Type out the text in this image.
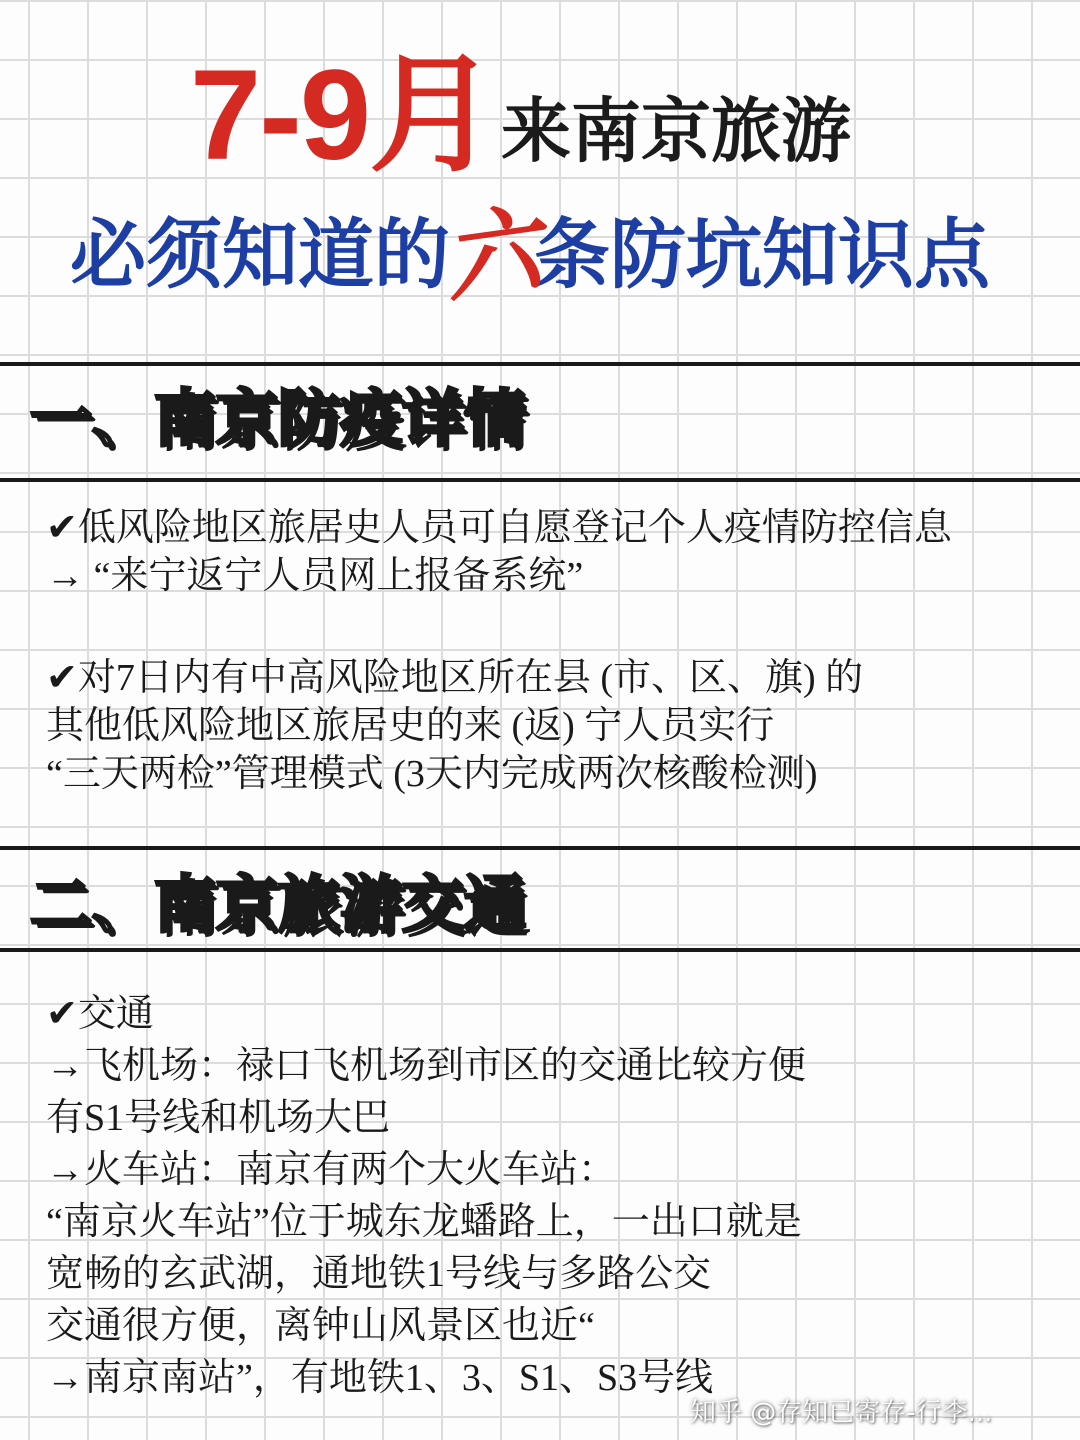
7-9月 来南京旅游
必须知道的
六
条防坑知识点
一、南京防疫详情
✔低风险地区旅居史人员可自愿登记个人疫情防控信息
→ “来宁返宁人员网上报备系统”
✔对7日内有中高风险地区所在县 (市、区、旗) 的
其他低风险地区旅居史的来 (返) 宁人员实行
“三天两检”管理模式 (3天内完成两次核酸检测)
二、南京旅游交通
✔交通
→飞机场：禄口飞机场到市区的交通比较方便
有S1号线和机场大巴
→火车站：南京有两个大火车站：
“南京火车站”位于城东龙蟠路上，一出口就是
宽畅的玄武湖，通地铁1号线与多路公交
交通很方便，离钟山风景区也近“
→南京南站”，有地铁1、3、S1、S3号线
知乎 @存知已寄存-行李...
